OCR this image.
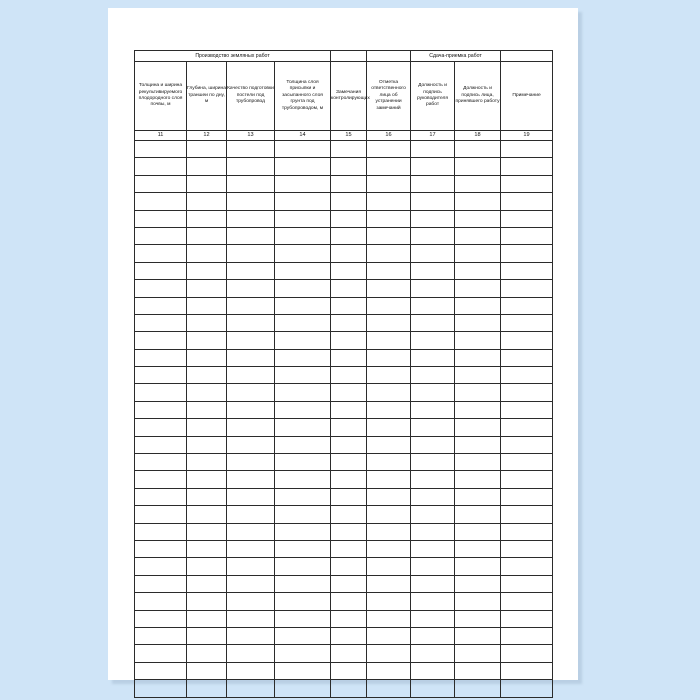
Производство земляных работ						Сдача-приемка работ		
Толщина и ширина рекультивируемого плодородного слоя почвы, м	Глубина, ширина траншеи по дну, м	Качество подготовки постели под трубопровод	Толщина слоя присыпки и засыпанного слоя грунта под трубопроводом, м	Замечания контролирующих	Отметка ответственного лица об устранении замечаний	Должность и подпись руководителя работ	Должность и подпись лица, принявшего работу	Примечание
11	12	13	14	15	16	17	18	19
